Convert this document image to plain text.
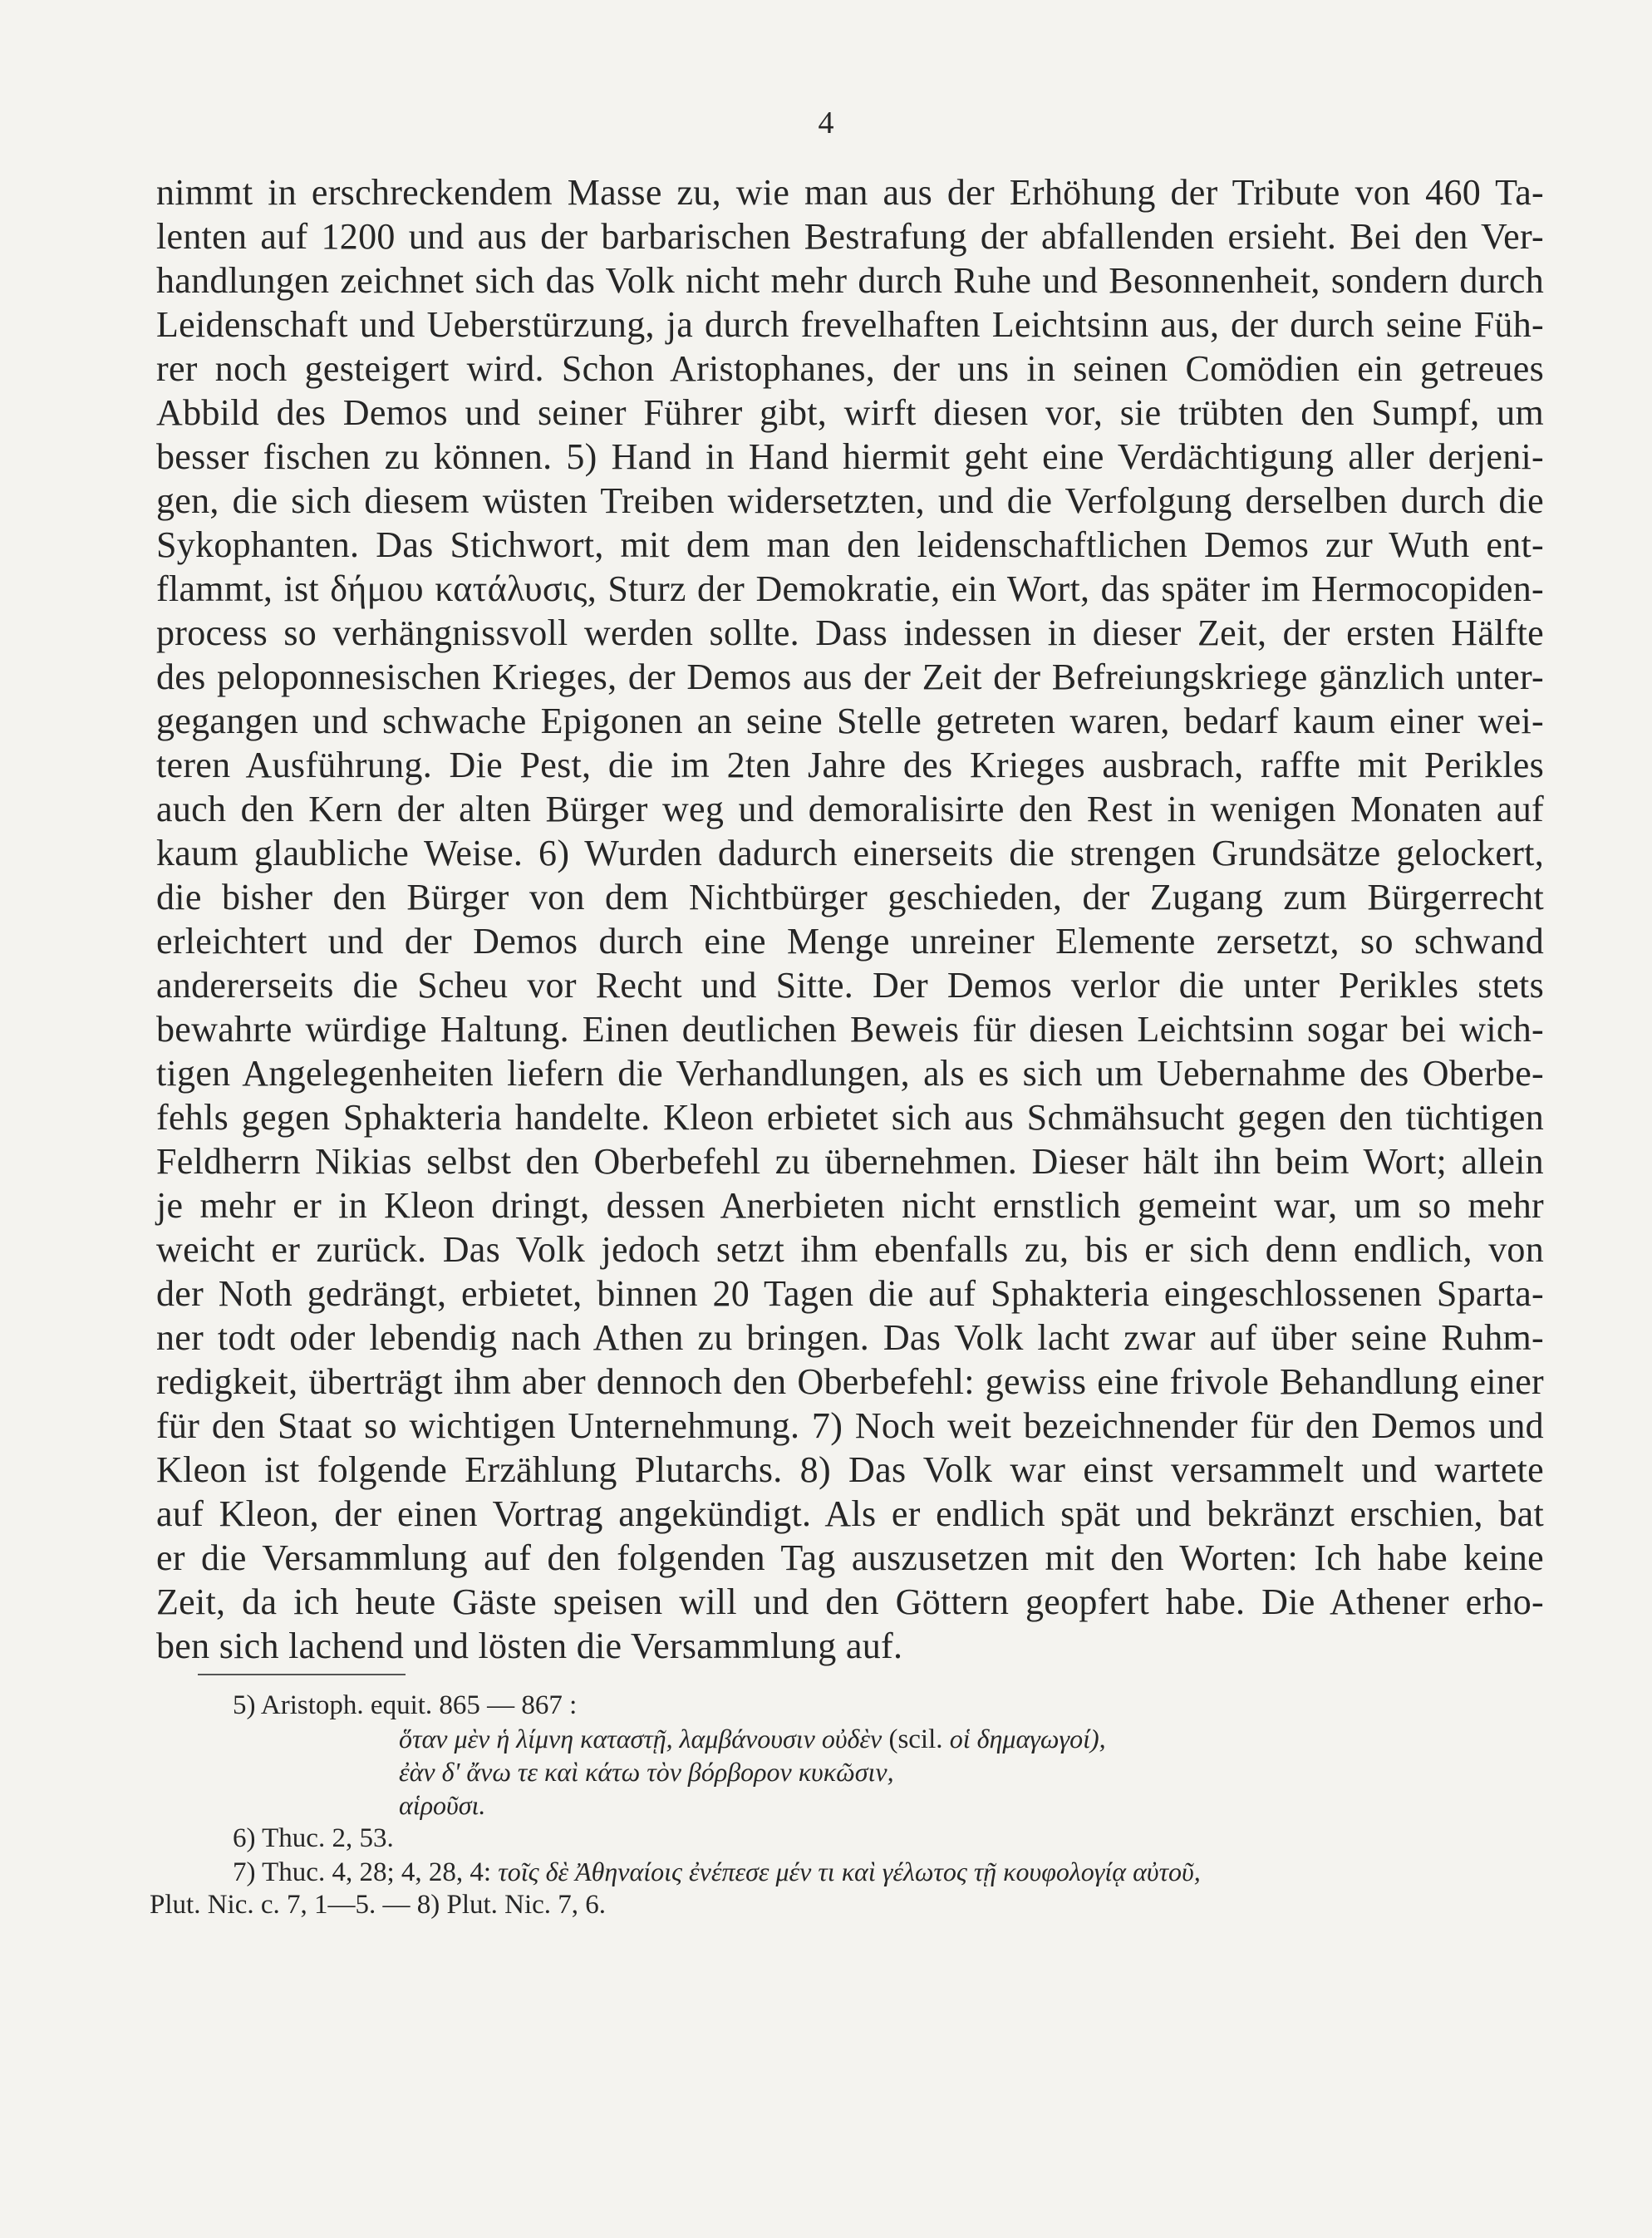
4
nimmt in erschreckendem Masse zu, wie man aus der Erhöhung der Tribute von 460 Ta-
lenten auf 1200 und aus der barbarischen Bestrafung der abfallenden ersieht. Bei den Ver-
handlungen zeichnet sich das Volk nicht mehr durch Ruhe und Besonnenheit, sondern durch
Leidenschaft und Ueberstürzung, ja durch frevelhaften Leichtsinn aus, der durch seine Füh-
rer noch gesteigert wird. Schon Aristophanes, der uns in seinen Comödien ein getreues
Abbild des Demos und seiner Führer gibt, wirft diesen vor, sie trübten den Sumpf, um
besser fischen zu können. 5) Hand in Hand hiermit geht eine Verdächtigung aller derjeni-
gen, die sich diesem wüsten Treiben widersetzten, und die Verfolgung derselben durch die
Sykophanten. Das Stichwort, mit dem man den leidenschaftlichen Demos zur Wuth ent-
flammt, ist δήμου κατάλυσις, Sturz der Demokratie, ein Wort, das später im Hermocopiden-
process so verhängnissvoll werden sollte. Dass indessen in dieser Zeit, der ersten Hälfte
des peloponnesischen Krieges, der Demos aus der Zeit der Befreiungskriege gänzlich unter-
gegangen und schwache Epigonen an seine Stelle getreten waren, bedarf kaum einer wei-
teren Ausführung. Die Pest, die im 2ten Jahre des Krieges ausbrach, raffte mit Perikles
auch den Kern der alten Bürger weg und demoralisirte den Rest in wenigen Monaten auf
kaum glaubliche Weise. 6) Wurden dadurch einerseits die strengen Grundsätze gelockert,
die bisher den Bürger von dem Nichtbürger geschieden, der Zugang zum Bürgerrecht
erleichtert und der Demos durch eine Menge unreiner Elemente zersetzt, so schwand
andererseits die Scheu vor Recht und Sitte. Der Demos verlor die unter Perikles stets
bewahrte würdige Haltung. Einen deutlichen Beweis für diesen Leichtsinn sogar bei wich-
tigen Angelegenheiten liefern die Verhandlungen, als es sich um Uebernahme des Oberbe-
fehls gegen Sphakteria handelte. Kleon erbietet sich aus Schmähsucht gegen den tüchtigen
Feldherrn Nikias selbst den Oberbefehl zu übernehmen. Dieser hält ihn beim Wort; allein
je mehr er in Kleon dringt, dessen Anerbieten nicht ernstlich gemeint war, um so mehr
weicht er zurück. Das Volk jedoch setzt ihm ebenfalls zu, bis er sich denn endlich, von
der Noth gedrängt, erbietet, binnen 20 Tagen die auf Sphakteria eingeschlossenen Sparta-
ner todt oder lebendig nach Athen zu bringen. Das Volk lacht zwar auf über seine Ruhm-
redigkeit, überträgt ihm aber dennoch den Oberbefehl: gewiss eine frivole Behandlung einer
für den Staat so wichtigen Unternehmung. 7) Noch weit bezeichnender für den Demos und
Kleon ist folgende Erzählung Plutarchs. 8) Das Volk war einst versammelt und wartete
auf Kleon, der einen Vortrag angekündigt. Als er endlich spät und bekränzt erschien, bat
er die Versammlung auf den folgenden Tag auszusetzen mit den Worten: Ich habe keine
Zeit, da ich heute Gäste speisen will und den Göttern geopfert habe. Die Athener erho-
ben sich lachend und lösten die Versammlung auf.
5) Aristoph. equit. 865 — 867 :
ὅταν μὲν ἡ λίμνη καταστῇ, λαμβάνουσιν οὐδὲν (scil. οἱ δημαγωγοί),
ἐὰν δ' ἄνω τε καὶ κάτω τὸν βόρβορον κυκῶσιν,
αἱροῦσι.
6) Thuc. 2, 53.
7) Thuc. 4, 28; 4, 28, 4: τοῖς δὲ Ἀθηναίοις ἐνέπεσε μέν τι καὶ γέλωτος τῇ κουφολογίᾳ αὐτοῦ,
Plut. Nic. c. 7, 1—5. — 8) Plut. Nic. 7, 6.
